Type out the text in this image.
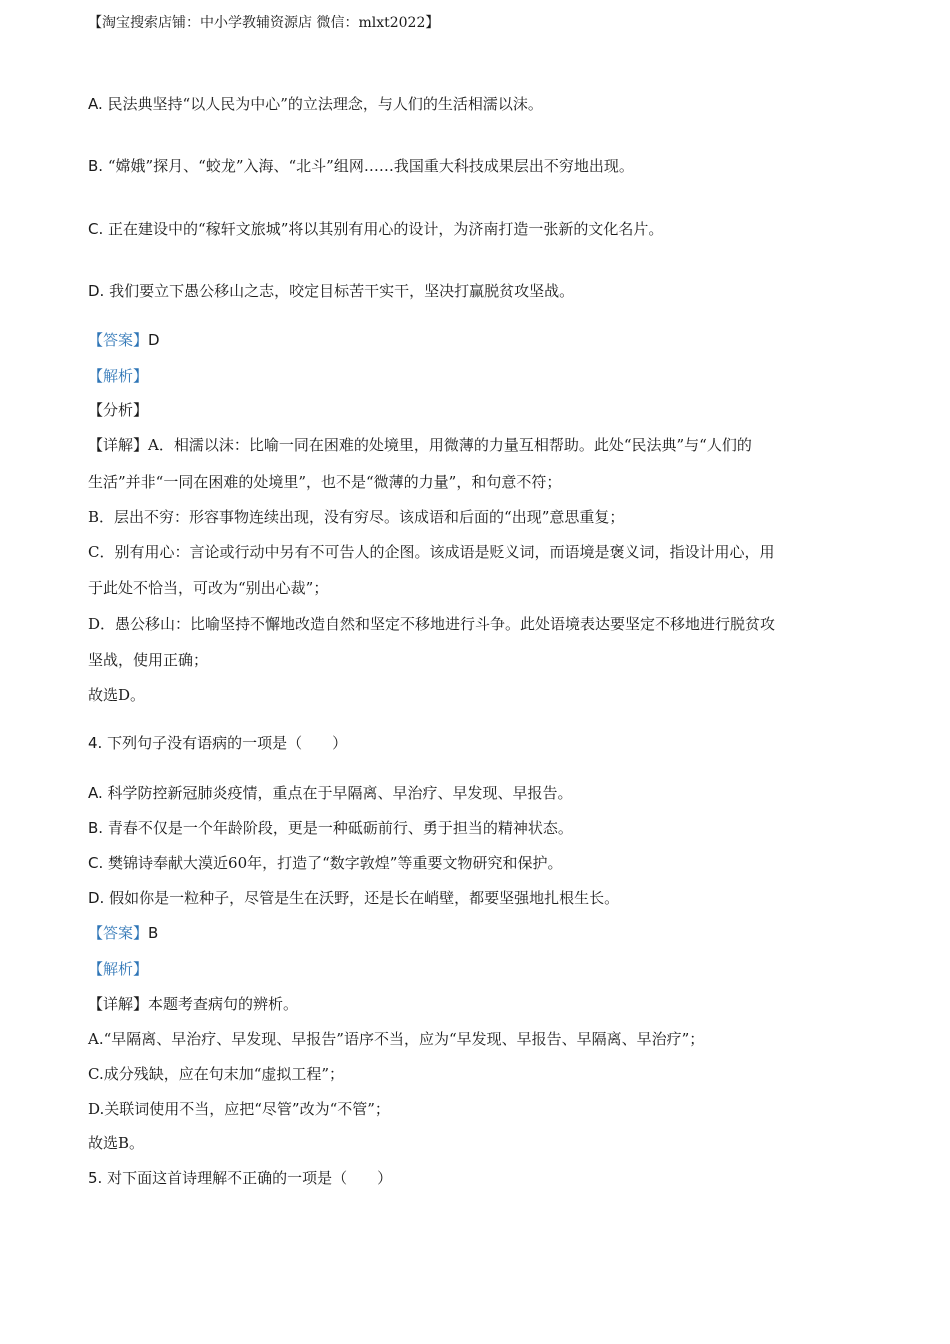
【淘宝搜索店铺：中小学教辅资源店 微信：mlxt2022】
A. 民法典坚持“以人民为中心”的立法理念，与人们的生活相濡以沫。
B. “嫦娥”探月、“蛟龙”入海、“北斗”组网……我国重大科技成果层出不穷地出现。
C. 正在建设中的“稼轩文旅城”将以其别有用心的设计，为济南打造一张新的文化名片。
D. 我们要立下愚公移山之志，咬定目标苦干实干，坚决打赢脱贫攻坚战。
【答案】D
【解析】
【分析】
【详解】A．相濡以沫：比喻一同在困难的处境里，用微薄的力量互相帮助。此处“民法典”与“人们的
生活”并非“一同在困难的处境里”，也不是“微薄的力量”，和句意不符；
B．层出不穷：形容事物连续出现，没有穷尽。该成语和后面的“出现”意思重复；
C．别有用心：言论或行动中另有不可告人的企图。该成语是贬义词，而语境是褒义词，指设计用心，用
于此处不恰当，可改为“别出心裁”；
D．愚公移山：比喻坚持不懈地改造自然和坚定不移地进行斗争。此处语境表达要坚定不移地进行脱贫攻
坚战，使用正确；
故选D。
4. 下列句子没有语病的一项是（　　）
A. 科学防控新冠肺炎疫情，重点在于早隔离、早治疗、早发现、早报告。
B. 青春不仅是一个年龄阶段，更是一种砥砺前行、勇于担当的精神状态。
C. 樊锦诗奉献大漠近60年，打造了“数字敦煌”等重要文物研究和保护。
D. 假如你是一粒种子，尽管是生在沃野，还是长在峭壁，都要坚强地扎根生长。
【答案】B
【解析】
【详解】本题考查病句的辨析。
A.“早隔离、早治疗、早发现、早报告”语序不当，应为“早发现、早报告、早隔离、早治疗”；
C.成分残缺，应在句末加“虚拟工程”；
D.关联词使用不当，应把“尽管”改为“不管”；
故选B。
5. 对下面这首诗理解不正确的一项是（　　）
